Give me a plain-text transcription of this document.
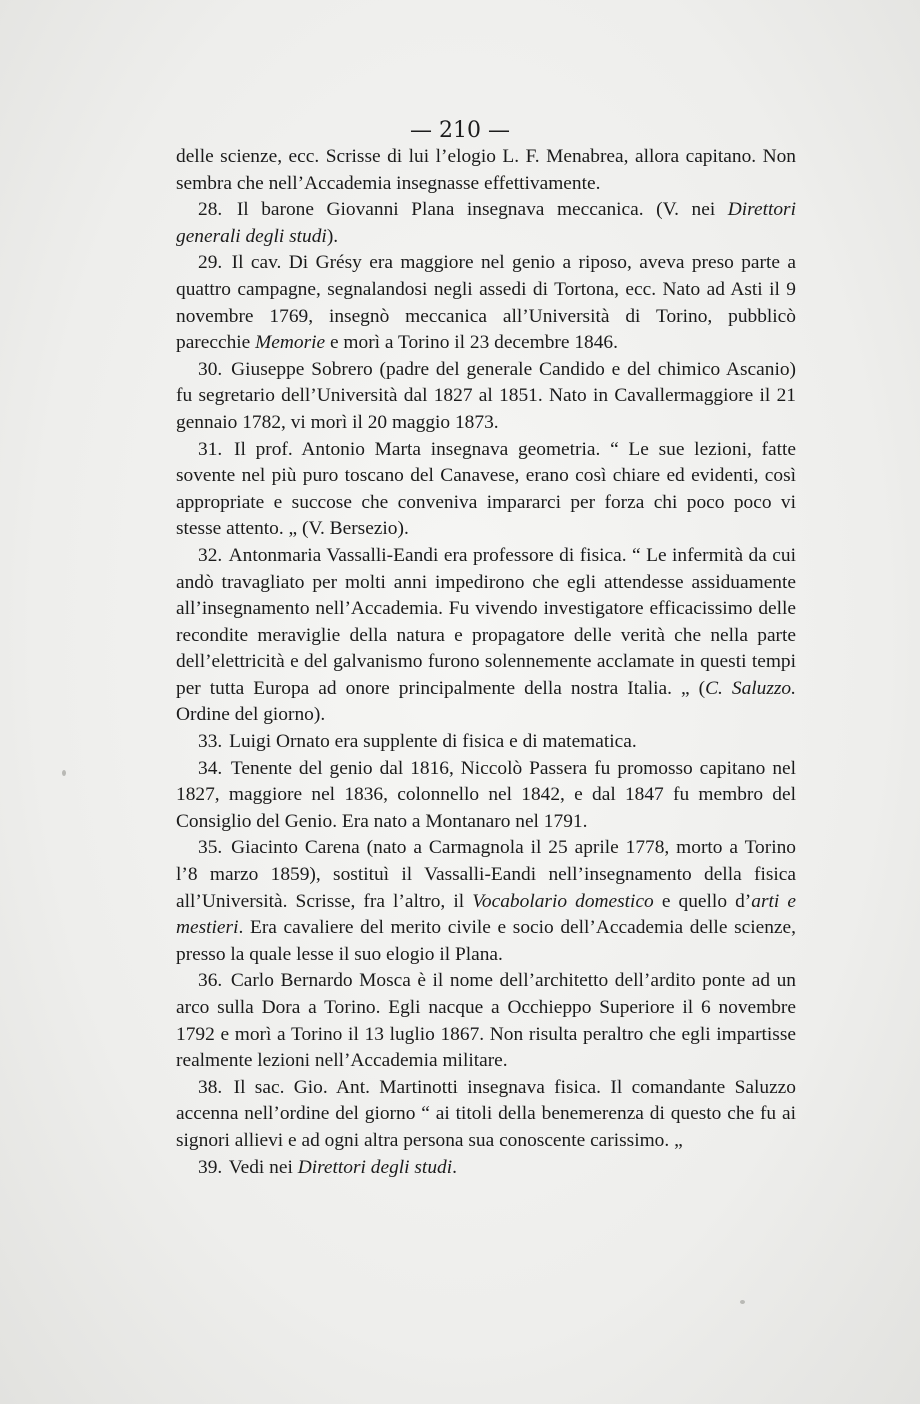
— 210 —

delle scienze, ecc. Scrisse di lui l’elogio L. F. Menabrea, allora capitano. Non sembra che nell’Accademia insegnasse effettivamente.

28. Il barone Giovanni Plana insegnava meccanica. (V. nei Direttori generali degli studi).

29. Il cav. Di Grésy era maggiore nel genio a riposo, aveva preso parte a quattro campagne, segnalandosi negli assedi di Tortona, ecc. Nato ad Asti il 9 novembre 1769, insegnò meccanica all’Università di Torino, pubblicò parecchie Memorie e morì a Torino il 23 decembre 1846.

30. Giuseppe Sobrero (padre del generale Candido e del chimico Ascanio) fu segretario dell’Università dal 1827 al 1851. Nato in Cavallermaggiore il 21 gennaio 1782, vi morì il 20 maggio 1873.

31. Il prof. Antonio Marta insegnava geometria. “ Le sue lezioni, fatte sovente nel più puro toscano del Canavese, erano così chiare ed evidenti, così appropriate e succose che conveniva impararci per forza chi poco poco vi stesse attento. „ (V. Bersezio).

32. Antonmaria Vassalli-Eandi era professore di fisica. “ Le infermità da cui andò travagliato per molti anni impedirono che egli attendesse assiduamente all’insegnamento nell’Accademia. Fu vivendo investigatore efficacissimo delle recondite meraviglie della natura e propagatore delle verità che nella parte dell’elettricità e del galvanismo furono solennemente acclamate in questi tempi per tutta Europa ad onore principalmente della nostra Italia. „ (C. Saluzzo. Ordine del giorno).

33. Luigi Ornato era supplente di fisica e di matematica.

34. Tenente del genio dal 1816, Niccolò Passera fu promosso capitano nel 1827, maggiore nel 1836, colonnello nel 1842, e dal 1847 fu membro del Consiglio del Genio. Era nato a Montanaro nel 1791.

35. Giacinto Carena (nato a Carmagnola il 25 aprile 1778, morto a Torino l’8 marzo 1859), sostituì il Vassalli-Eandi nell’insegnamento della fisica all’Università. Scrisse, fra l’altro, il Vocabolario domestico e quello d’arti e mestieri. Era cavaliere del merito civile e socio dell’Accademia delle scienze, presso la quale lesse il suo elogio il Plana.

36. Carlo Bernardo Mosca è il nome dell’architetto dell’ardito ponte ad un arco sulla Dora a Torino. Egli nacque a Occhieppo Superiore il 6 novembre 1792 e morì a Torino il 13 luglio 1867. Non risulta peraltro che egli impartisse realmente lezioni nell’Accademia militare.

38. Il sac. Gio. Ant. Martinotti insegnava fisica. Il comandante Saluzzo accenna nell’ordine del giorno “ ai titoli della benemerenza di questo che fu ai signori allievi e ad ogni altra persona sua conoscente carissimo. „

39. Vedi nei Direttori degli studi.
